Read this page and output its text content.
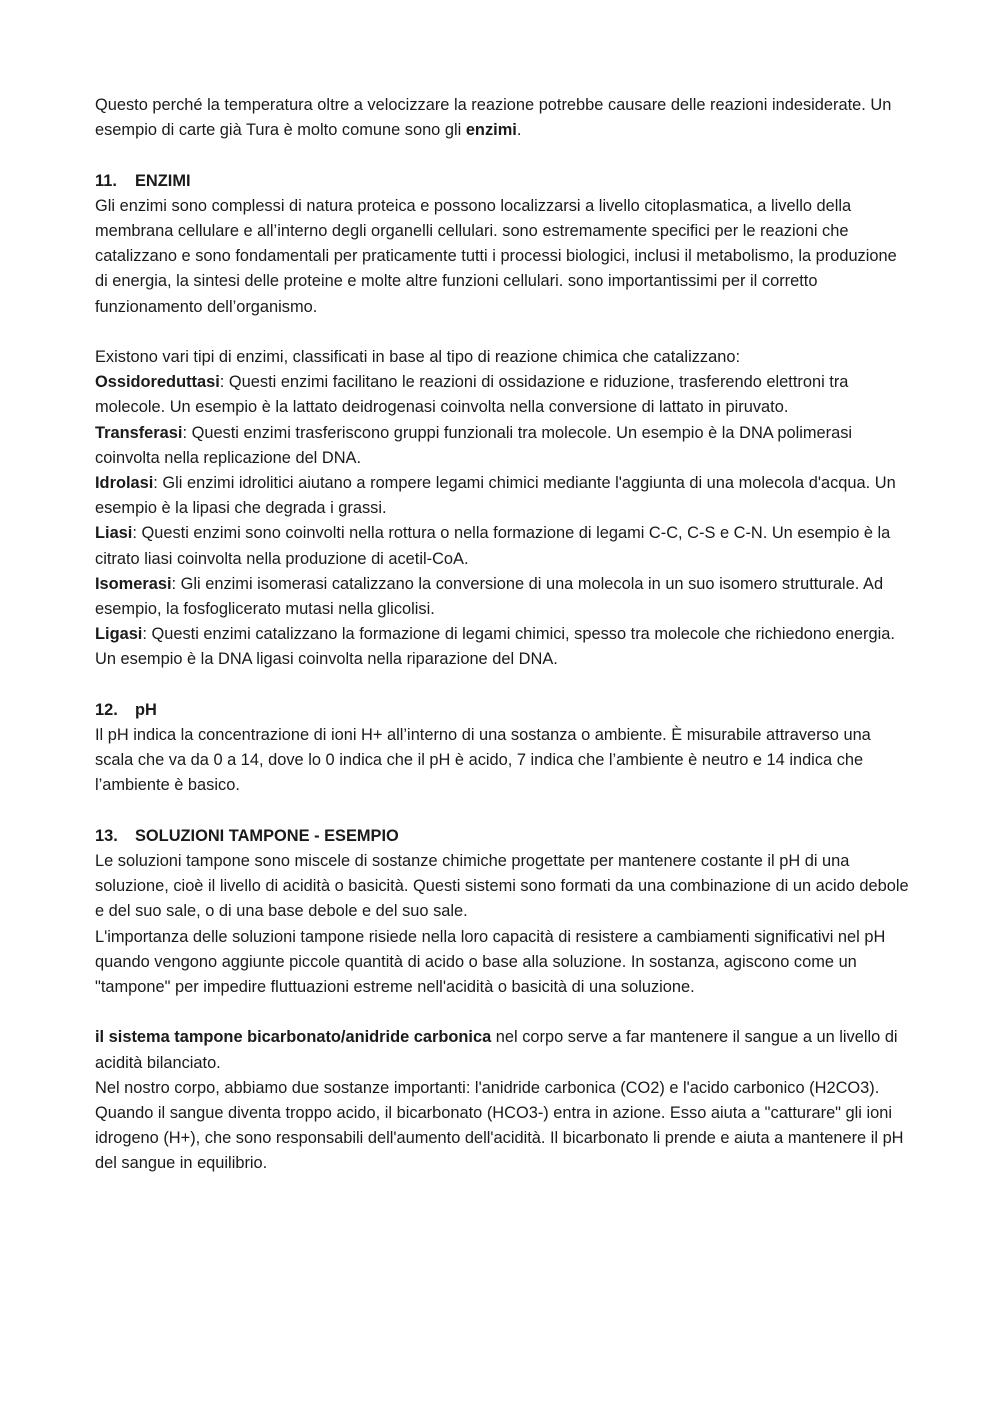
Questo perché la temperatura oltre a velocizzare la reazione potrebbe causare delle reazioni indesiderate. Un esempio di carte già Tura è molto comune sono gli enzimi.

11. ENZIMI

Gli enzimi sono complessi di natura proteica e possono localizzarsi a livello citoplasmatica, a livello della membrana cellulare e all’interno degli organelli cellulari. sono estremamente specifici per le reazioni che catalizzano e sono fondamentali per praticamente tutti i processi biologici, inclusi il metabolismo, la produzione di energia, la sintesi delle proteine e molte altre funzioni cellulari. sono importantissimi per il corretto funzionamento dell’organismo.

Existono vari tipi di enzimi, classificati in base al tipo di reazione chimica che catalizzano:

Ossidoreduttasi: Questi enzimi facilitano le reazioni di ossidazione e riduzione, trasferendo elettroni tra molecole. Un esempio è la lattato deidrogenasi coinvolta nella conversione di lattato in piruvato.

Transferasi: Questi enzimi trasferiscono gruppi funzionali tra molecole. Un esempio è la DNA polimerasi coinvolta nella replicazione del DNA.

Idrolasi: Gli enzimi idrolitici aiutano a rompere legami chimici mediante l'aggiunta di una molecola d'acqua. Un esempio è la lipasi che degrada i grassi.

Liasi: Questi enzimi sono coinvolti nella rottura o nella formazione di legami C-C, C-S e C-N. Un esempio è la citrato liasi coinvolta nella produzione di acetil-CoA.

Isomerasi: Gli enzimi isomerasi catalizzano la conversione di una molecola in un suo isomero strutturale. Ad esempio, la fosfoglicerato mutasi nella glicolisi.

Ligasi: Questi enzimi catalizzano la formazione di legami chimici, spesso tra molecole che richiedono energia. Un esempio è la DNA ligasi coinvolta nella riparazione del DNA.

12. pH

Il pH indica la concentrazione di ioni H+ all’interno di una sostanza o ambiente. È misurabile attraverso una scala che va da 0 a 14, dove lo 0 indica che il pH è acido, 7 indica che l’ambiente è neutro e 14 indica che l’ambiente è basico.

13. SOLUZIONI TAMPONE - ESEMPIO

Le soluzioni tampone sono miscele di sostanze chimiche progettate per mantenere costante il pH di una soluzione, cioè il livello di acidità o basicità. Questi sistemi sono formati da una combinazione di un acido debole e del suo sale, o di una base debole e del suo sale.

L'importanza delle soluzioni tampone risiede nella loro capacità di resistere a cambiamenti significativi nel pH quando vengono aggiunte piccole quantità di acido o base alla soluzione. In sostanza, agiscono come un "tampone" per impedire fluttuazioni estreme nell'acidità o basicità di una soluzione.

il sistema tampone bicarbonato/anidride carbonica nel corpo serve a far mantenere il sangue a un livello di acidità bilanciato.

Nel nostro corpo, abbiamo due sostanze importanti: l'anidride carbonica (CO2) e l'acido carbonico (H2CO3).

Quando il sangue diventa troppo acido, il bicarbonato (HCO3-) entra in azione. Esso aiuta a "catturare" gli ioni idrogeno (H+), che sono responsabili dell'aumento dell'acidità. Il bicarbonato li prende e aiuta a mantenere il pH del sangue in equilibrio.
